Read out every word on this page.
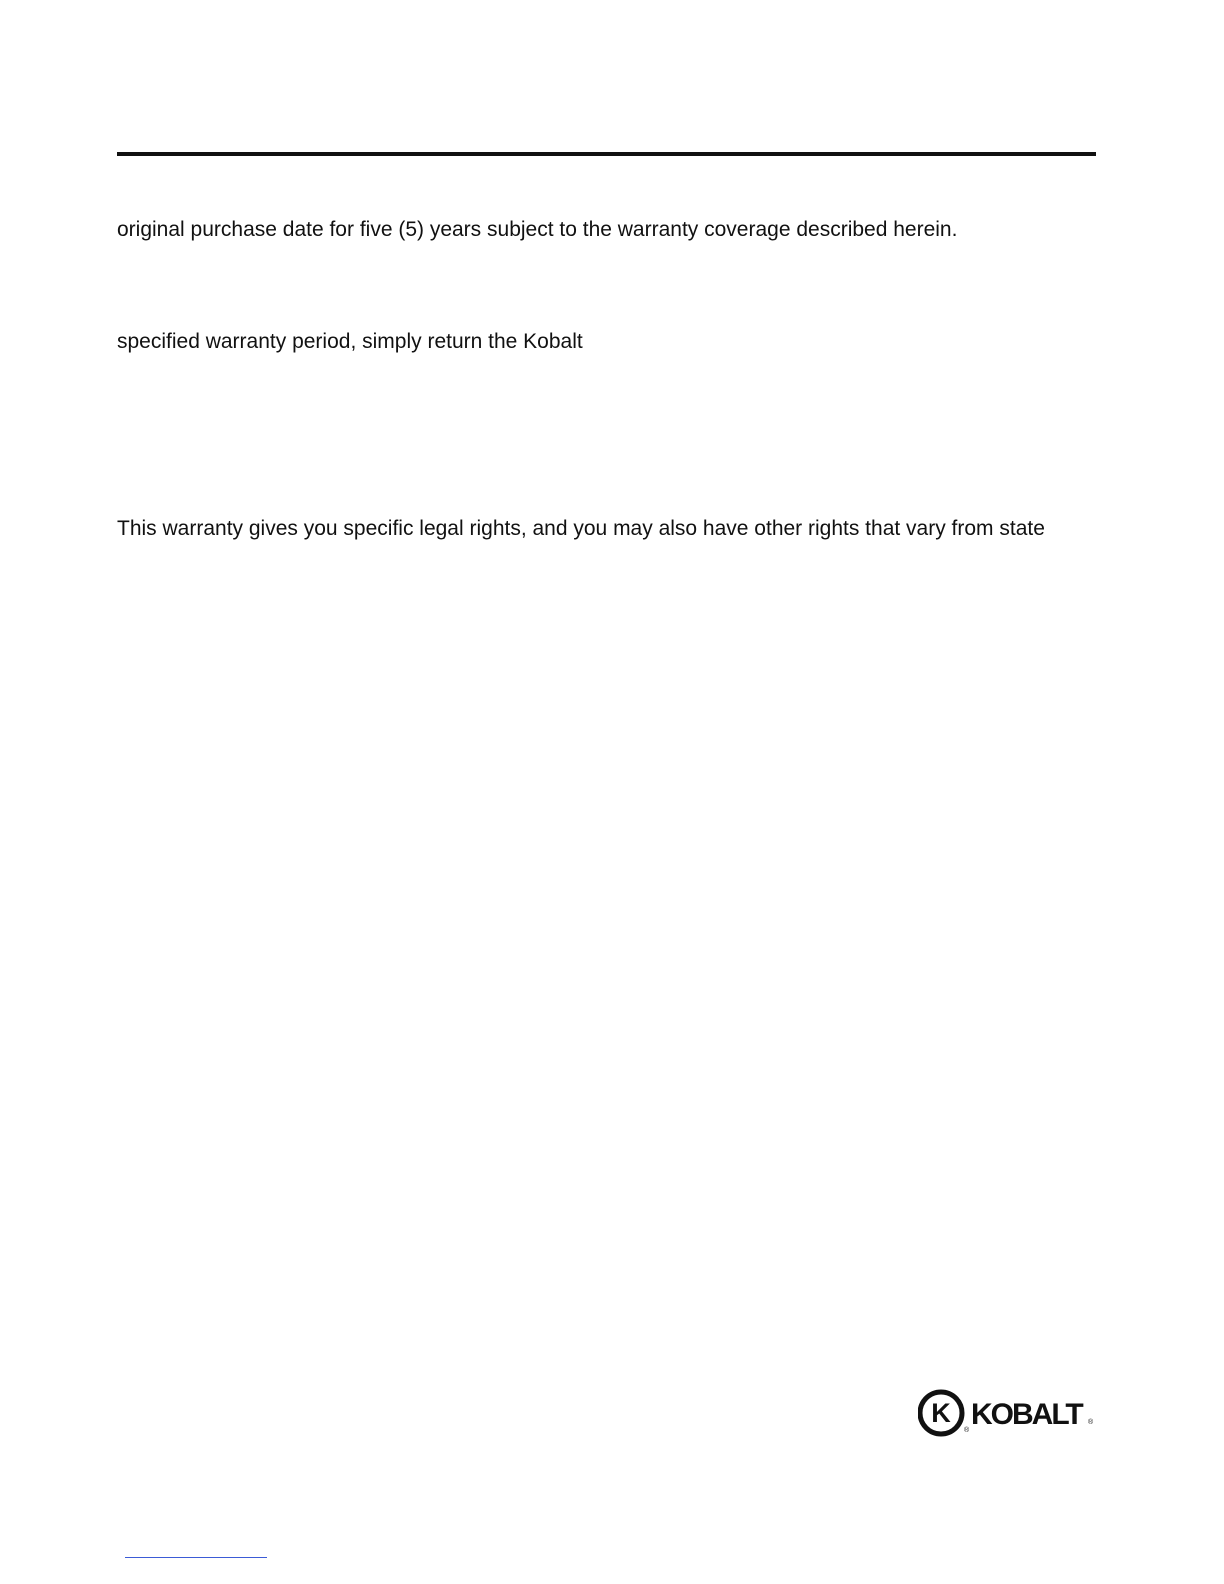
original purchase date for five (5) years subject to the warranty coverage described herein.
specified warranty period, simply return the Kobalt
This warranty gives you specific legal rights, and you may also have other rights that vary from state
K
® KOBALT ®
